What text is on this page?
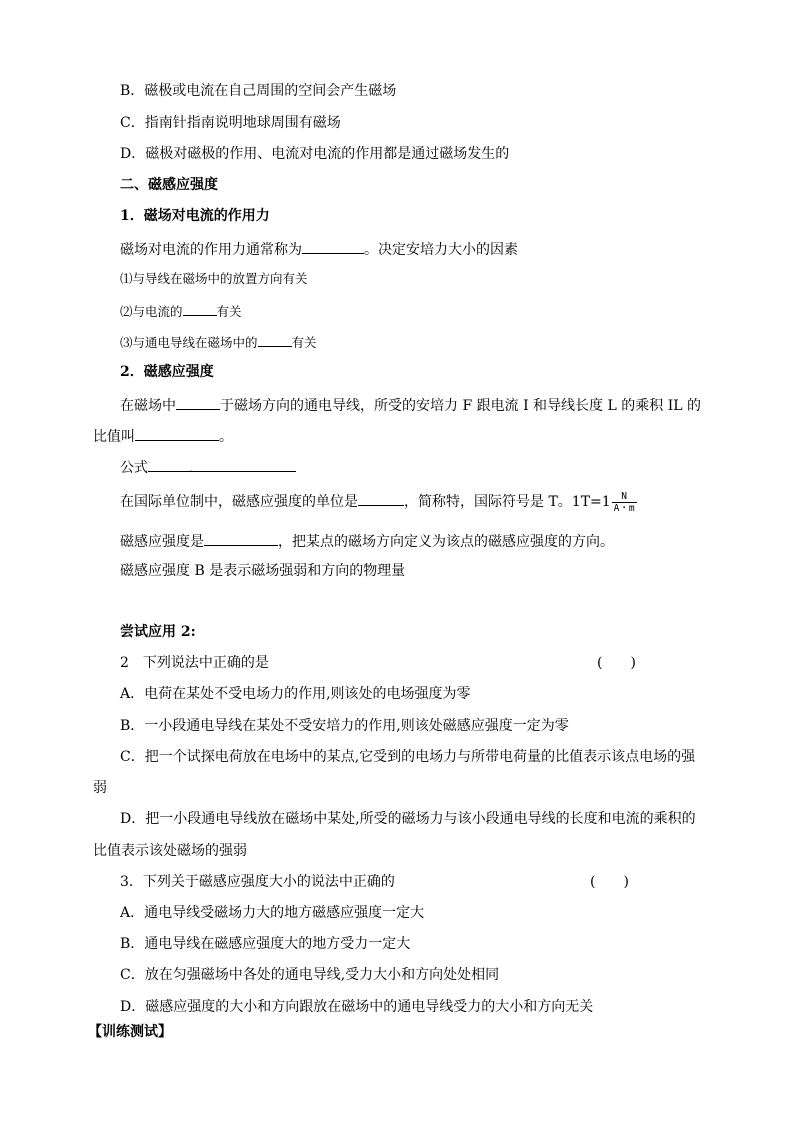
B．磁极或电流在自己周围的空间会产生磁场
C．指南针指南说明地球周围有磁场
D．磁极对磁极的作用、电流对电流的作用都是通过磁场发生的
二、磁感应强度
1．磁场对电流的作用力
磁场对电流的作用力通常称为	。决定安培力大小的因素
⑴与导线在磁场中的放置方向有关
⑵与电流的	有关
⑶与通电导线在磁场中的	有关
2．磁感应强度
在磁场中	于磁场方向的通电导线，所受的安培力 F 跟电流 I 和导线长度 L 的乘积 IL 的
比值叫	。
公式	.
在国际单位制中，磁感应强度的单位是	，简称特，国际符号是 T。$1T=1 \frac{N}{A・m}$
磁感应强度是	，把某点的磁场方向定义为该点的磁感应强度的方向。
磁感应强度 B 是表示磁场强弱和方向的物理量
尝试应用 2:
2　下列说法中正确的是	(　　)
A．电荷在某处不受电场力的作用,则该处的电场强度为零
B．一小段通电导线在某处不受安培力的作用,则该处磁感应强度一定为零
C．把一个试探电荷放在电场中的某点,它受到的电场力与所带电荷量的比值表示该点电场的强
弱
D．把一小段通电导线放在磁场中某处,所受的磁场力与该小段通电导线的长度和电流的乘积的
比值表示该处磁场的强弱
3．下列关于磁感应强度大小的说法中正确的	(　　)
A．通电导线受磁场力大的地方磁感应强度一定大
B．通电导线在磁感应强度大的地方受力一定大
C．放在匀强磁场中各处的通电导线,受力大小和方向处处相同
D．磁感应强度的大小和方向跟放在磁场中的通电导线受力的大小和方向无关
【训练测试】
